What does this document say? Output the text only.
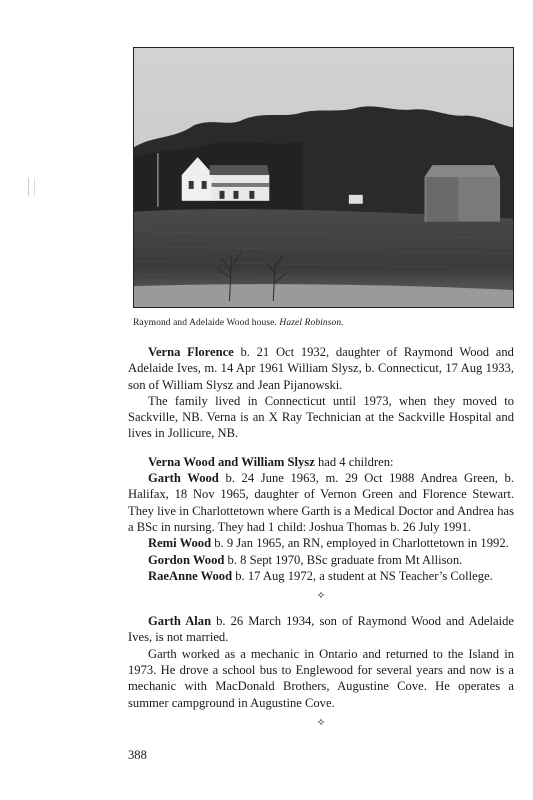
Raymond and Adelaide Wood house. Hazel Robinson.

Verna Florence b. 21 Oct 1932, daughter of Raymond Wood and Adelaide Ives, m. 14 Apr 1961 William Slysz, b. Connecticut, 17 Aug 1933, son of William Slysz and Jean Pijanowski.

The family lived in Connecticut until 1973, when they moved to Sackville, NB. Verna is an X Ray Technician at the Sackville Hospital and lives in Jollicure, NB.

Verna Wood and William Slysz had 4 children:

Garth Wood b. 24 June 1963, m. 29 Oct 1988 Andrea Green, b. Halifax, 18 Nov 1965, daughter of Vernon Green and Florence Stewart. They live in Charlottetown where Garth is a Medical Doctor and Andrea has a BSc in nursing. They had 1 child: Joshua Thomas b. 26 July 1991.

Remi Wood b. 9 Jan 1965, an RN, employed in Charlottetown in 1992.

Gordon Wood b. 8 Sept 1970, BSc graduate from Mt Allison.

RaeAnne Wood b. 17 Aug 1972, a student at NS Teacher’s College.

✧

Garth Alan b. 26 March 1934, son of Raymond Wood and Adelaide Ives, is not married.

Garth worked as a mechanic in Ontario and returned to the Island in 1973. He drove a school bus to Englewood for several years and now is a mechanic with MacDonald Brothers, Augustine Cove. He operates a summer campground in Augustine Cove.

✧
388
